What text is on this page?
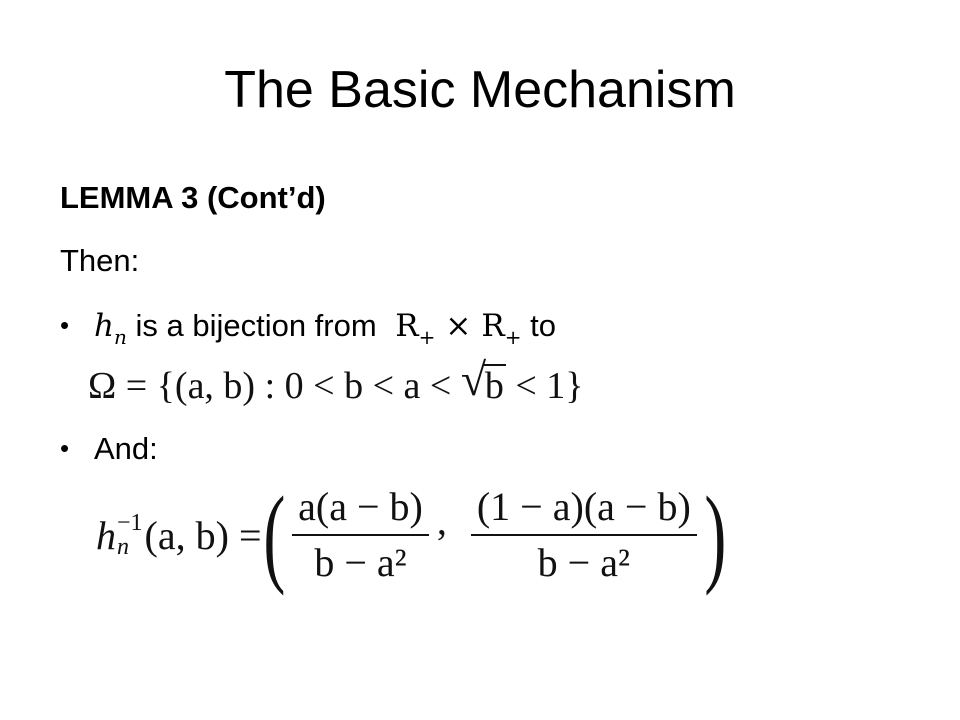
The Basic Mechanism
LEMMA 3 (Cont’d)
Then:
• $h_n$ is a bijection from $R_+ \times R_+$ to
Ω = {(a, b) : 0 < b < a < √
b < 1}
• And:
h −1
n (a, b) = ( $\frac{a(a - b)}{\text{b − a²}}$ , $\frac{(1 - a)(a - b)}{\text{b − a²}}$ )
